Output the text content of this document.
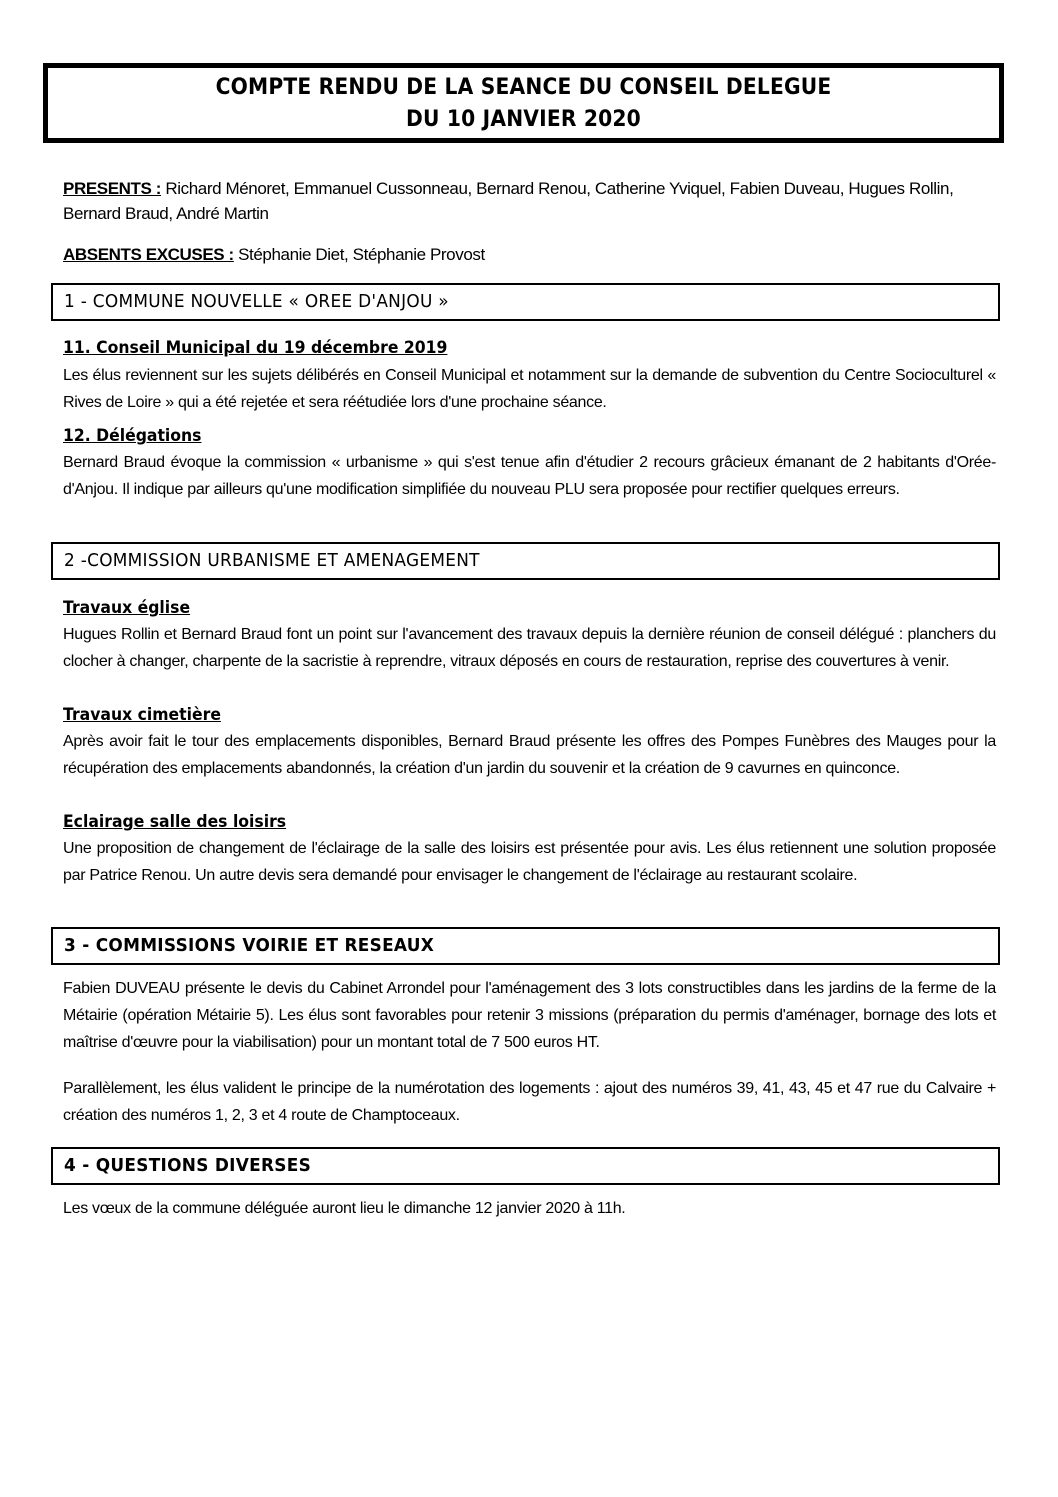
COMPTE RENDU DE LA SEANCE DU CONSEIL DELEGUE
DU 10 JANVIER 2020
PRESENTS : Richard Ménoret, Emmanuel Cussonneau, Bernard Renou, Catherine Yviquel, Fabien Duveau, Hugues Rollin, Bernard Braud, André Martin
ABSENTS EXCUSES : Stéphanie Diet, Stéphanie Provost
1 - COMMUNE NOUVELLE « OREE D'ANJOU »
11. Conseil Municipal du 19 décembre 2019
Les élus reviennent sur les sujets délibérés en Conseil Municipal et notamment sur la demande de subvention du Centre Socioculturel « Rives de Loire » qui a été rejetée et sera réétudiée lors d'une prochaine séance.
12. Délégations
Bernard Braud évoque la commission « urbanisme » qui s'est tenue afin d'étudier 2 recours grâcieux émanant de 2 habitants d'Orée-d'Anjou. Il indique par ailleurs qu'une modification simplifiée du nouveau PLU sera proposée pour rectifier quelques erreurs.
2 -COMMISSION URBANISME ET AMENAGEMENT
Travaux église
Hugues Rollin et Bernard Braud font un point sur l'avancement des travaux depuis la dernière réunion de conseil délégué : planchers du clocher à changer, charpente de la sacristie à reprendre, vitraux déposés en cours de restauration, reprise des couvertures à venir.
Travaux cimetière
Après avoir fait le tour des emplacements disponibles, Bernard Braud présente les offres des Pompes Funèbres des Mauges pour la récupération des emplacements abandonnés, la création d'un jardin du souvenir et la création de 9 cavurnes en quinconce.
Eclairage salle des loisirs
Une proposition de changement de l'éclairage de la salle des loisirs est présentée pour avis. Les élus retiennent une solution proposée par Patrice Renou. Un autre devis sera demandé pour envisager le changement de l'éclairage au restaurant scolaire.
3 - COMMISSIONS VOIRIE ET RESEAUX
Fabien DUVEAU présente le devis du Cabinet Arrondel pour l'aménagement des 3 lots constructibles dans les jardins de la ferme de la Métairie (opération Métairie 5). Les élus sont favorables pour retenir 3 missions (préparation du permis d'aménager, bornage des lots et maîtrise d'œuvre pour la viabilisation) pour un montant total de 7 500 euros HT.
Parallèlement, les élus valident le principe de la numérotation des logements : ajout des numéros 39, 41, 43, 45 et 47 rue du Calvaire + création des numéros 1, 2, 3 et 4 route de Champtoceaux.
4 - QUESTIONS DIVERSES
Les vœux de la commune déléguée auront lieu le dimanche 12 janvier 2020 à 11h.
